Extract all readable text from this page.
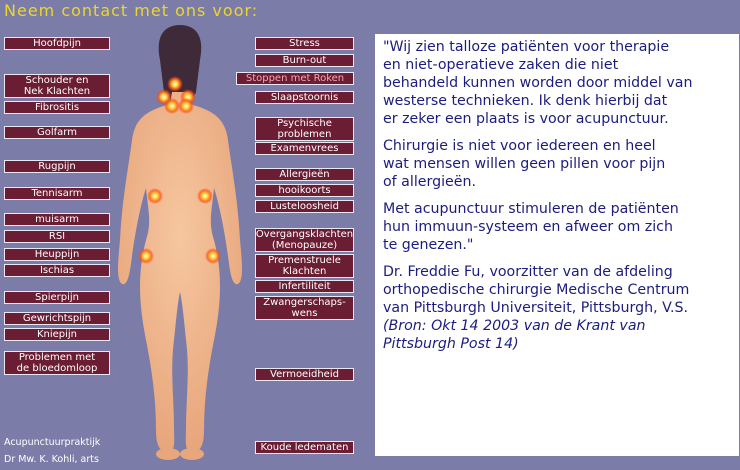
Neem contact met ons voor:
Hoofdpijn
Schouder en
Nek Klachten
Fibrositis
Golfarm
Rugpijn
Tennisarm
muisarm
RSI
Heuppijn
Ischias
Spierpijn
Gewrichtspijn
Kniepijn
Problemen met
de bloedomloop
Stress
Burn-out
Stoppen met Roken
Slaapstoornis
Psychische
problemen
Examenvrees
Allergieën
hooikoorts
Lusteloosheid
Overgangsklachten
(Menopauze)
Premenstruele
Klachten
Infertiliteit
Zwangerschaps-
wens
Vermoeidheid
Koude ledematen

"Wij zien talloze patiënten voor therapie
en niet-operatieve zaken die niet
behandeld kunnen worden door middel van
westerse technieken. Ik denk hierbij dat
er zeker een plaats is voor acupunctuur.

Chirurgie is niet voor iedereen en heel
wat mensen willen geen pillen voor pijn
of allergieën.

Met acupunctuur stimuleren de patiënten
hun immuun-systeem en afweer om zich
te genezen."

Dr. Freddie Fu, voorzitter van de afdeling
orthopedische chirurgie Medische Centrum
van Pittsburgh Universiteit, Pittsburgh, V.S.

(Bron: Okt 14 2003 van de Krant van
Pittsburgh Post 14)

Acupunctuurpraktijk
Dr Mw. K. Kohli, arts
